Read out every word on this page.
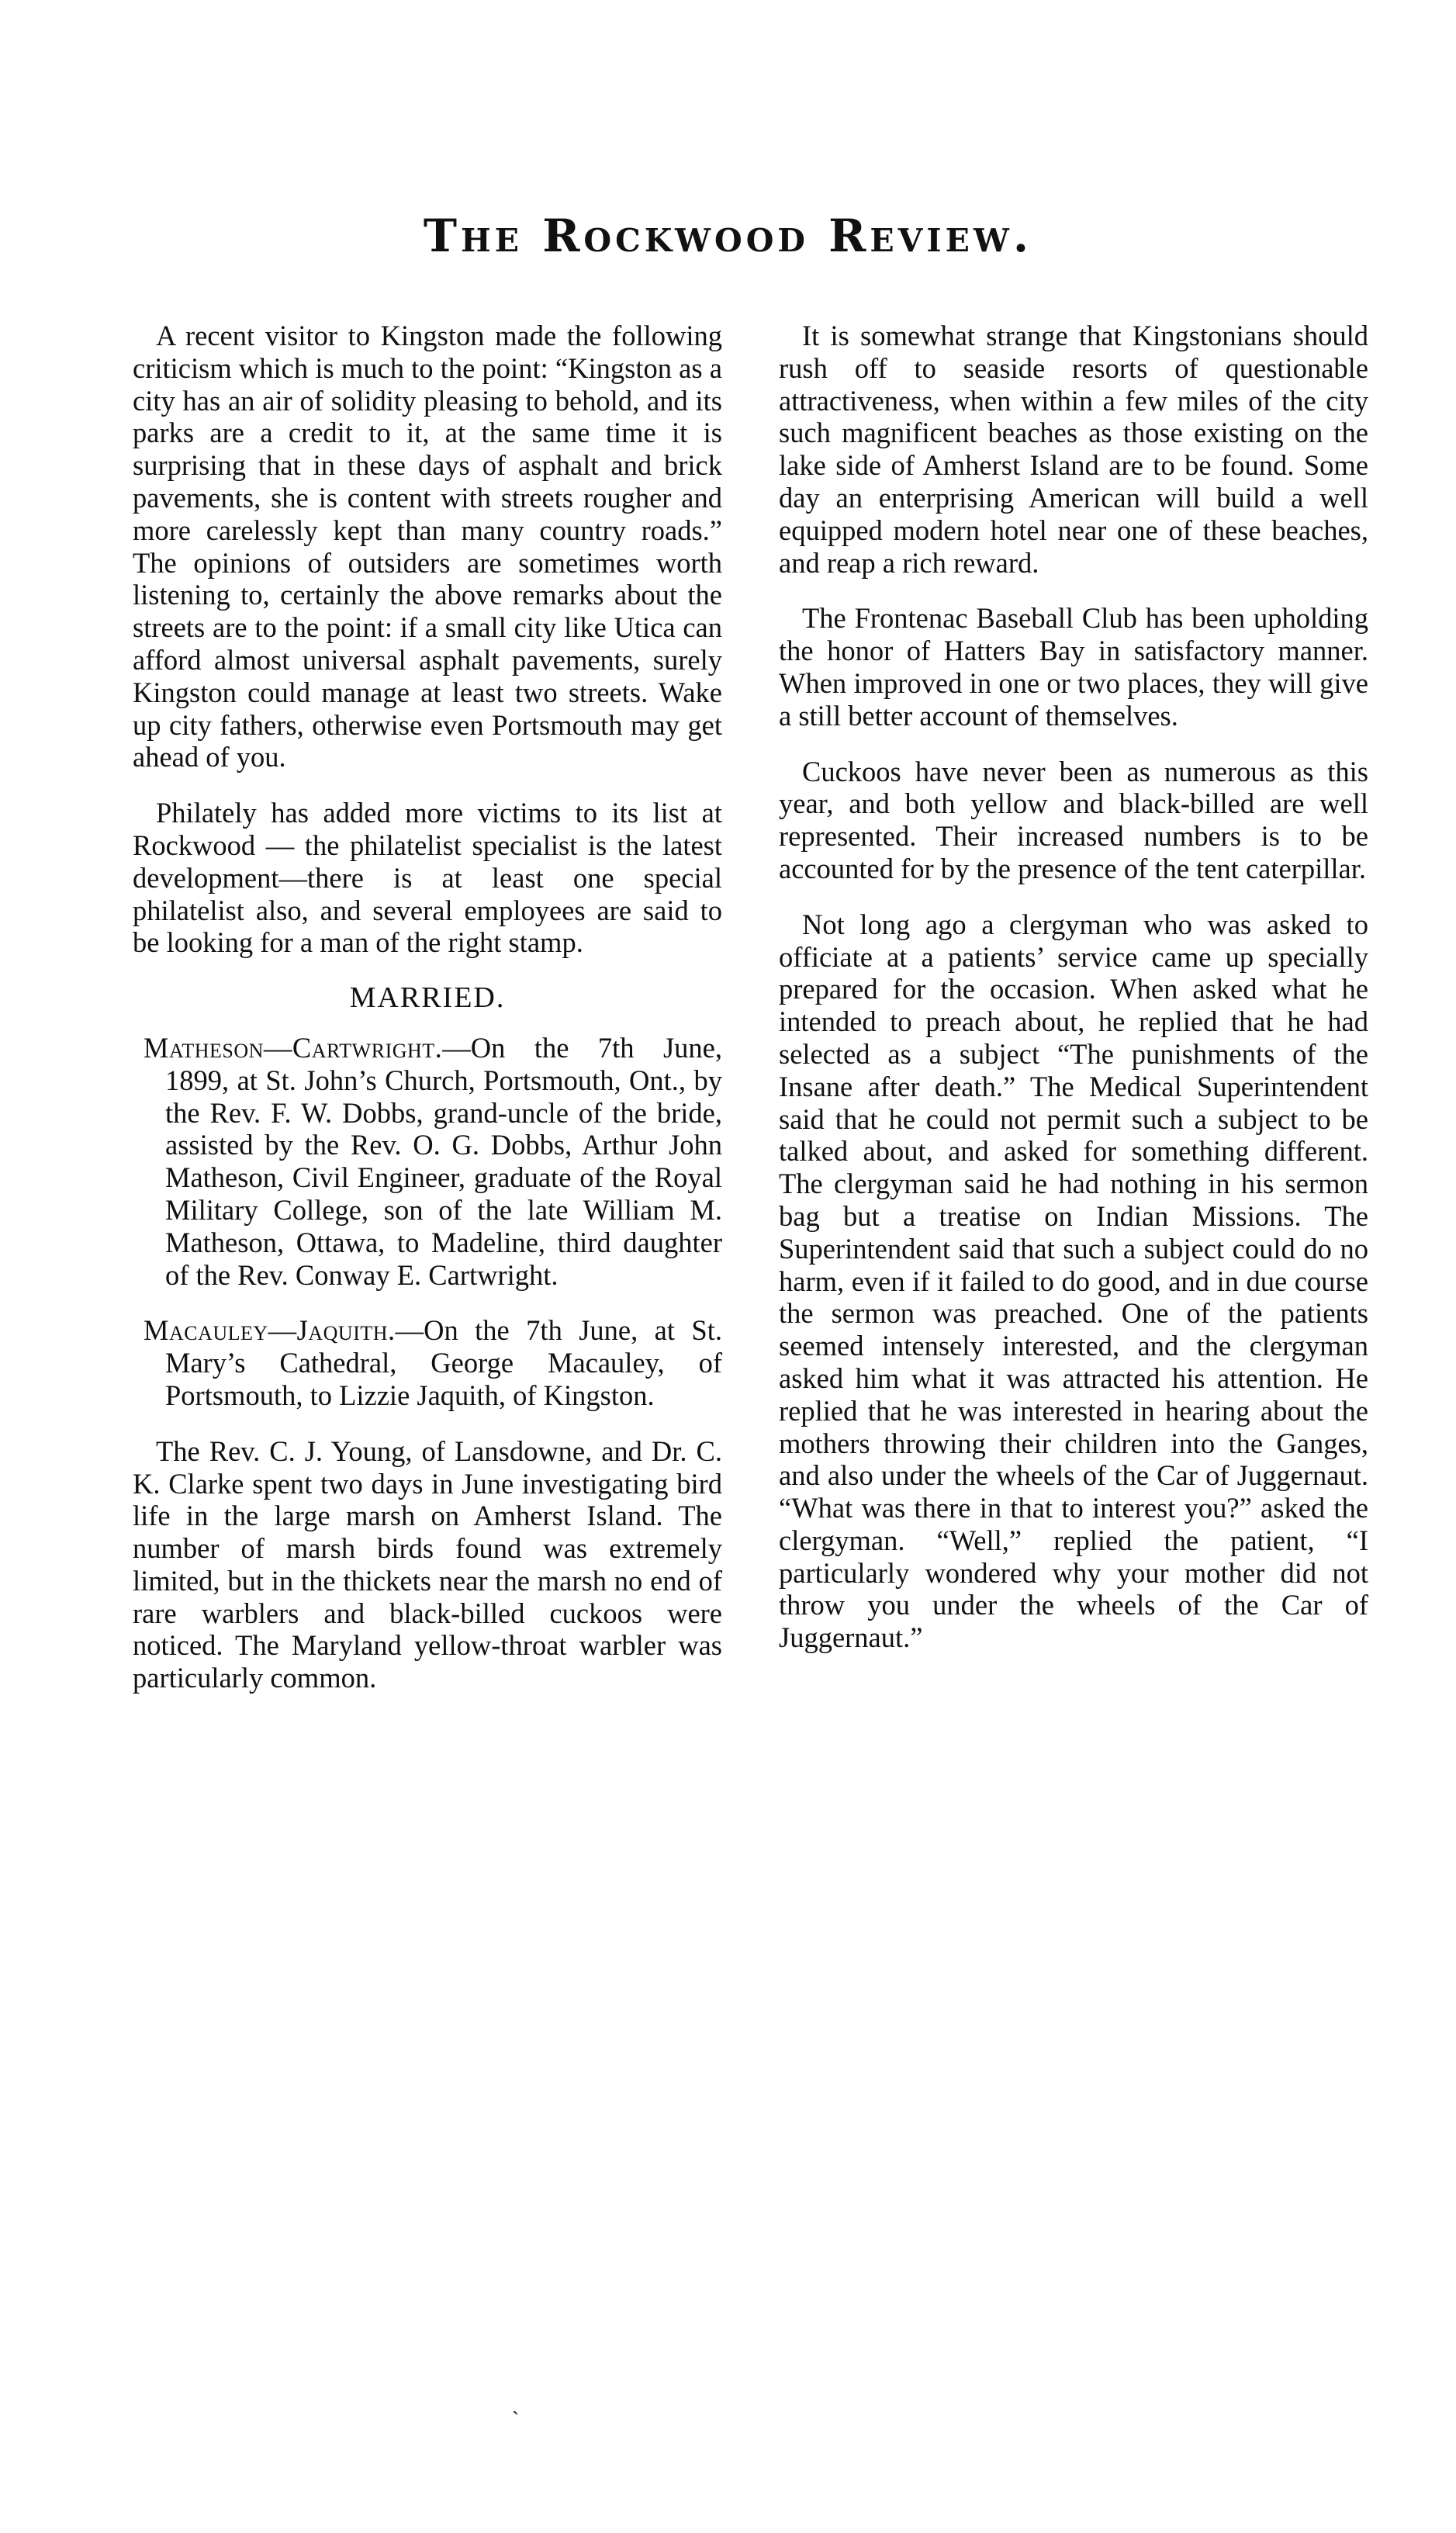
The Rockwood Review.

A recent visitor to Kingston made the following criticism which is much to the point: “Kingston as a city has an air of solidity pleasing to behold, and its parks are a credit to it, at the same time it is surprising that in these days of asphalt and brick pavements, she is content with streets rougher and more carelessly kept than many country roads.” The opinions of outsiders are sometimes worth listening to, certainly the above remarks about the streets are to the point: if a small city like Utica can afford almost universal asphalt pavements, surely Kingston could manage at least two streets. Wake up city fathers, otherwise even Portsmouth may get ahead of you.

Philately has added more victims to its list at Rockwood — the philatelist specialist is the latest development—there is at least one special philatelist also, and several employees are said to be looking for a man of the right stamp.

MARRIED.

Matheson—Cartwright.—On the 7th June, 1899, at St. John’s Church, Portsmouth, Ont., by the Rev. F. W. Dobbs, grand-uncle of the bride, assisted by the Rev. O. G. Dobbs, Arthur John Matheson, Civil Engineer, graduate of the Royal Military College, son of the late William M. Matheson, Ottawa, to Madeline, third daughter of the Rev. Conway E. Cartwright.

Macauley—Jaquith.—On the 7th June, at St. Mary’s Cathedral, George Macauley, of Portsmouth, to Lizzie Jaquith, of Kingston.

The Rev. C. J. Young, of Lansdowne, and Dr. C. K. Clarke spent two days in June investigating bird life in the large marsh on Amherst Island. The number of marsh birds found was extremely limited, but in the thickets near the marsh no end of rare warblers and black-billed cuckoos were noticed. The Maryland yellow-throat warbler was particularly common.

It is somewhat strange that Kingstonians should rush off to seaside resorts of questionable attractiveness, when within a few miles of the city such magnificent beaches as those existing on the lake side of Amherst Island are to be found. Some day an enterprising American will build a well equipped modern hotel near one of these beaches, and reap a rich reward.

The Frontenac Baseball Club has been upholding the honor of Hatters Bay in satisfactory manner. When improved in one or two places, they will give a still better account of themselves.

Cuckoos have never been as numerous as this year, and both yellow and black-billed are well represented. Their increased numbers is to be accounted for by the presence of the tent caterpillar.

Not long ago a clergyman who was asked to officiate at a patients’ service came up specially prepared for the occasion. When asked what he intended to preach about, he replied that he had selected as a subject “The punishments of the Insane after death.” The Medical Superintendent said that he could not permit such a subject to be talked about, and asked for something different. The clergyman said he had nothing in his sermon bag but a treatise on Indian Missions. The Superintendent said that such a subject could do no harm, even if it failed to do good, and in due course the sermon was preached. One of the patients seemed intensely interested, and the clergyman asked him what it was attracted his attention. He replied that he was interested in hearing about the mothers throwing their children into the Ganges, and also under the wheels of the Car of Juggernaut. “What was there in that to interest you?” asked the clergyman. “Well,” replied the patient, “I particularly wondered why your mother did not throw you under the wheels of the Car of Juggernaut.”

`
